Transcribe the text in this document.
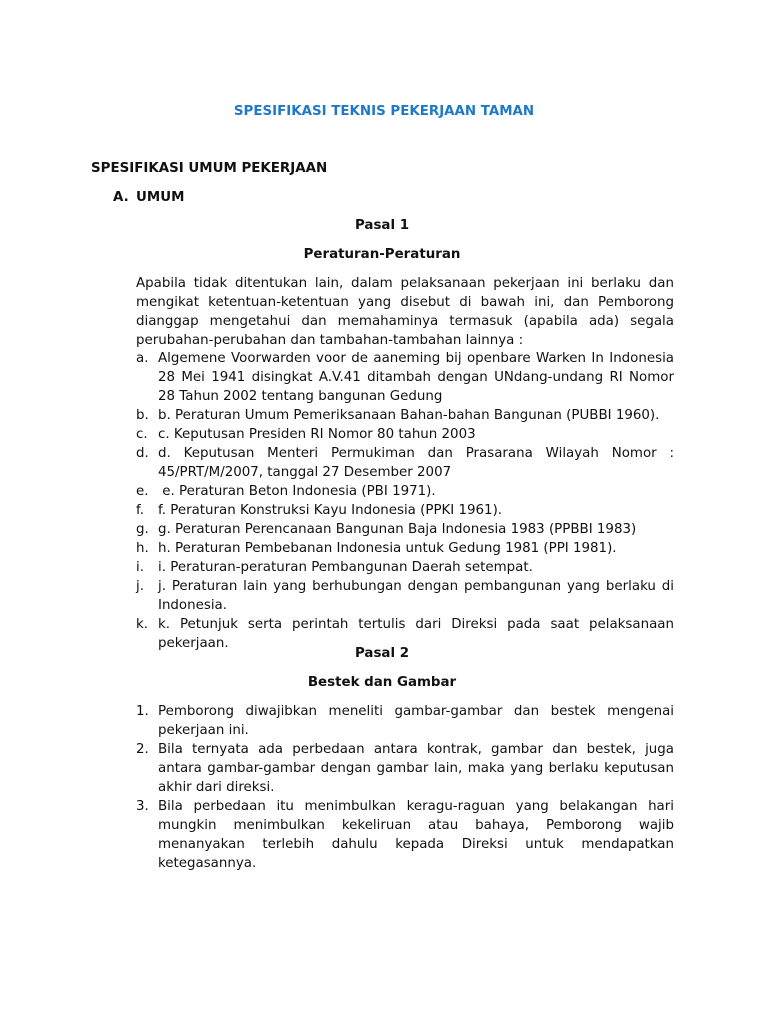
SPESIFIKASI TEKNIS PEKERJAAN TAMAN
SPESIFIKASI UMUM PEKERJAAN
A. UMUM
Pasal 1
Peraturan-Peraturan
Apabila tidak ditentukan lain, dalam pelaksanaan pekerjaan ini berlaku dan mengikat ketentuan-ketentuan yang disebut di bawah ini, dan Pemborong dianggap mengetahui dan memahaminya termasuk (apabila ada) segala perubahan-perubahan dan tambahan-tambahan lainnya :
a. Algemene Voorwarden voor de aaneming bij openbare Warken In Indonesia 28 Mei 1941 disingkat A.V.41 ditambah dengan UNdang-undang RI Nomor 28 Tahun 2002 tentang bangunan Gedung
b. b. Peraturan Umum Pemeriksanaan Bahan-bahan Bangunan (PUBBI 1960).
c. c. Keputusan Presiden RI Nomor 80 tahun 2003
d. d. Keputusan Menteri Permukiman dan Prasarana Wilayah Nomor : 45/PRT/M/2007, tanggal 27 Desember 2007
e. e. Peraturan Beton Indonesia (PBI 1971).
f. f. Peraturan Konstruksi Kayu Indonesia (PPKI 1961).
g. g. Peraturan Perencanaan Bangunan Baja Indonesia 1983 (PPBBI 1983)
h. h. Peraturan Pembebanan Indonesia untuk Gedung 1981 (PPI 1981).
i. i. Peraturan-peraturan Pembangunan Daerah setempat.
j. j. Peraturan lain yang berhubungan dengan pembangunan yang berlaku di Indonesia.
k. k. Petunjuk serta perintah tertulis dari Direksi pada saat pelaksanaan pekerjaan.
Pasal 2
Bestek dan Gambar
1. Pemborong diwajibkan meneliti gambar-gambar dan bestek mengenai pekerjaan ini.
2. Bila ternyata ada perbedaan antara kontrak, gambar dan bestek, juga antara gambar-gambar dengan gambar lain, maka yang berlaku keputusan akhir dari direksi.
3. Bila perbedaan itu menimbulkan keragu-raguan yang belakangan hari mungkin menimbulkan kekeliruan atau bahaya, Pemborong wajib menanyakan terlebih dahulu kepada Direksi untuk mendapatkan ketegasannya.
